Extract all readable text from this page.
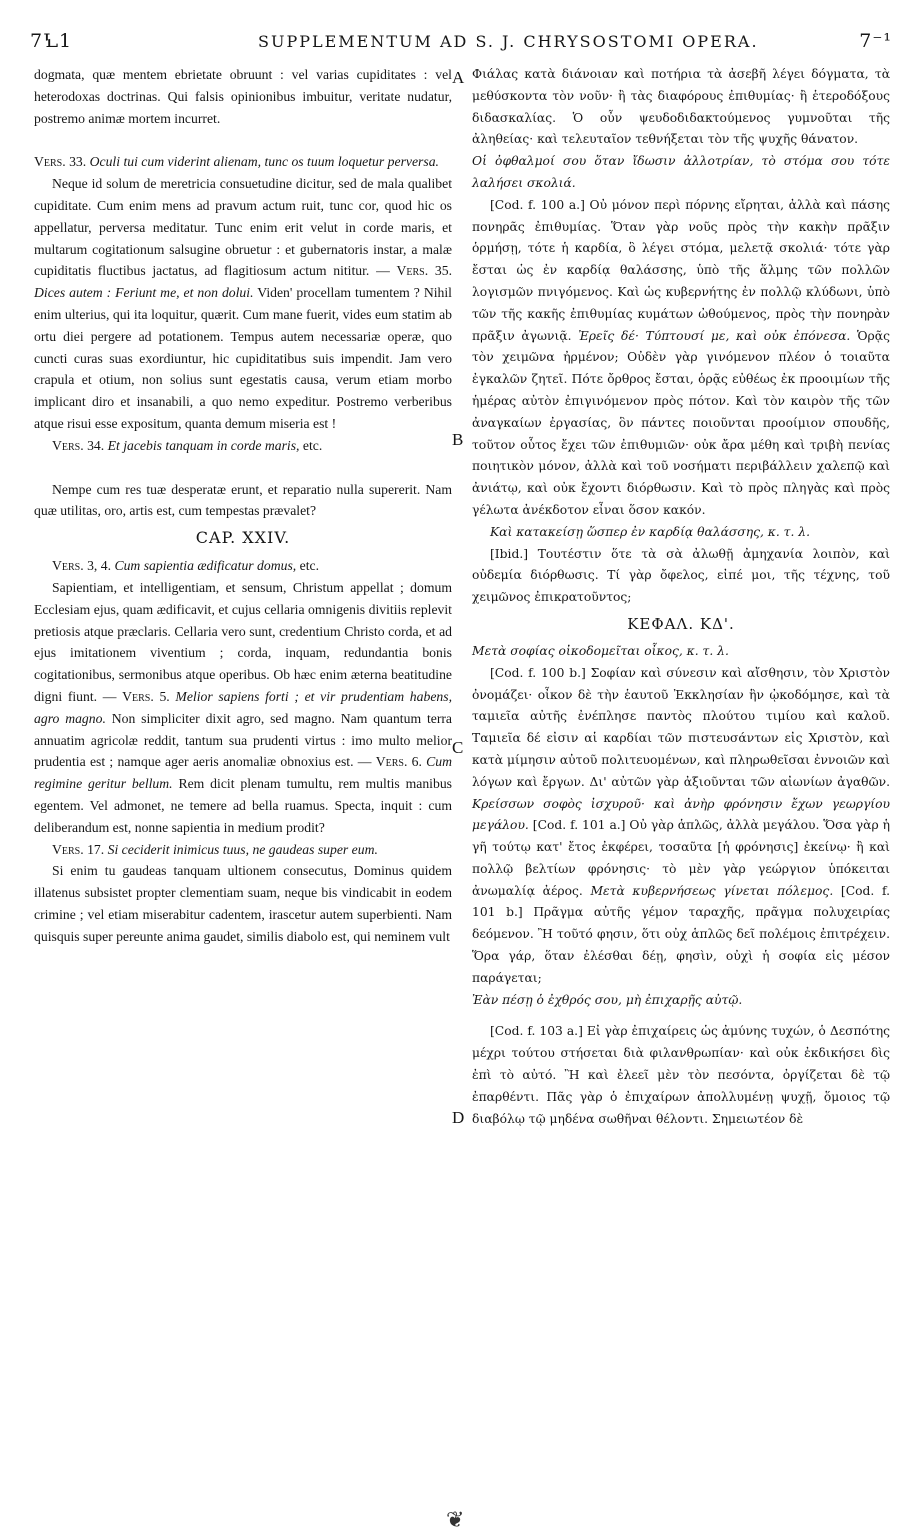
7Ꝇ1	SUPPLEMENTUM AD S. J. CHRYSOSTOMI OPERA.	7⁻¹

dogmata, quæ mentem ebrietate obruunt : vel varias cupiditates : vel heterodoxas doctrinas. Qui falsis opinionibus imbuitur, veritate nudatur, postremo animæ mortem incurret.

Vers. 33. Oculi tui cum viderint alienam, tunc os tuum loquetur perversa.

Neque id solum de meretricia consuetudine dicitur, sed de mala qualibet cupiditate. Cum enim mens ad pravum actum ruit, tunc cor, quod hic os appellatur, perversa meditatur. Tunc enim erit velut in corde maris, et multarum cogitationum salsugine obruetur : et gubernatoris instar, a malæ cupiditatis fluctibus jactatus, ad flagitiosum actum nititur. — Vers. 35. Dices autem : Feriunt me, et non dolui. Viden' procellam tumentem ? Nihil enim ulterius, qui ita loquitur, quærit. Cum mane fuerit, vides eum statim ab ortu diei pergere ad potationem. Tempus autem necessariæ operæ, quo cuncti curas suas exordiuntur, hic cupiditatibus suis impendit. Jam vero crapula et otium, non solius sunt egestatis causa, verum etiam morbo implicant diro et insanabili, a quo nemo expeditur. Postremo verberibus atque risui esse expositum, quanta demum miseria est !

Vers. 34. Et jacebis tanquam in corde maris, etc.

Nempe cum res tuæ desperatæ erunt, et reparatio nulla supererit. Nam quæ utilitas, oro, artis est, cum tempestas prævalet?

CAP. XXIV.

Vers. 3, 4. Cum sapientia ædificatur domus, etc.

Sapientiam, et intelligentiam, et sensum, Christum appellat ; domum Ecclesiam ejus, quam ædificavit, et cujus cellaria omnigenis divitiis replevit pretiosis atque præclaris. Cellaria vero sunt, credentium Christo corda, et ad ejus imitationem viventium ; corda, inquam, redundantia bonis cogitationibus, sermonibus atque operibus. Ob hæc enim æterna beatitudine digni fiunt. — Vers. 5. Melior sapiens forti ; et vir prudentiam habens, agro magno. Non simpliciter dixit agro, sed magno. Nam quantum terra annuatim agricolæ reddit, tantum sua prudenti virtus : imo multo melior prudentia est ; namque ager aeris anomaliæ obnoxius est. — Vers. 6. Cum regimine geritur bellum. Rem dicit plenam tumultu, rem multis manibus egentem. Vel admonet, ne temere ad bella ruamus. Specta, inquit : cum deliberandum est, nonne sapientia in medium prodit?

Vers. 17. Si ceciderit inimicus tuus, ne gaudeas super eum.

Si enim tu gaudeas tanquam ultionem consecutus, Dominus quidem illatenus subsistet propter clementiam suam, neque bis vindicabit in eodem crimine ; vel etiam miserabitur cadentem, irascetur autem superbienti. Nam quisquis super pereunte anima gaudet, similis diabolo est, qui neminem vult

Φιάλας κατὰ διάνοιαν καὶ ποτήρια τὰ ἀσεβῆ λέγει δόγματα, τὰ μεθύσκοντα τὸν νοῦν· ἢ τὰς διαφόρους ἐπιθυμίας· ἢ ἑτεροδόξους διδασκαλίας. Ὁ οὖν ψευδοδιδακτούμενος γυμνοῦται τῆς ἀληθείας· καὶ τελευταῖον τεθνήξεται τὸν τῆς ψυχῆς θάνατον.

Οἱ ὀφθαλμοί σου ὅταν ἴδωσιν ἀλλοτρίαν, τὸ στόμα σου τότε λαλήσει σκολιά.

[Cod. f. 100 a.] Οὐ μόνον περὶ πόρνης εἴρηται, ἀλλὰ καὶ πάσης πονηρᾶς ἐπιθυμίας. Ὅταν γὰρ νοῦς πρὸς τὴν κακὴν πρᾶξιν ὁρμήσῃ, τότε ἡ καρδία, ὃ λέγει στόμα, μελετᾷ σκολιά· τότε γὰρ ἔσται ὡς ἐν καρδίᾳ θαλάσσης, ὑπὸ τῆς ἅλμης τῶν πολλῶν λογισμῶν πνιγόμενος. Καὶ ὡς κυβερνήτης ἐν πολλῷ κλύδωνι, ὑπὸ τῶν τῆς κακῆς ἐπιθυμίας κυμάτων ὠθούμενος, πρὸς τὴν πονηρὰν πρᾶξιν ἀγωνιᾷ. Ἐρεῖς δέ· Τύπτουσί με, καὶ οὐκ ἐπόνεσα. Ὁρᾷς τὸν χειμῶνα ἠρμένον; Οὐδὲν γὰρ γινόμενον πλέον ὁ τοιαῦτα ἐγκαλῶν ζητεῖ. Πότε ὄρθρος ἔσται, ὁρᾷς εὐθέως ἐκ προοιμίων τῆς ἡμέρας αὐτὸν ἐπιγινόμενον πρὸς πότον. Καὶ τὸν καιρὸν τῆς τῶν ἀναγκαίων ἐργασίας, ὃν πάντες ποιοῦνται προοίμιον σπουδῆς, τοῦτον οὗτος ἔχει τῶν ἐπιθυμιῶν· οὐκ ἄρα μέθη καὶ τριβὴ πενίας ποιητικὸν μόνον, ἀλλὰ καὶ τοῦ νοσήματι περιβάλλειν χαλεπῷ καὶ ἀνιάτῳ, καὶ οὐκ ἔχοντι διόρθωσιν. Καὶ τὸ πρὸς πληγὰς καὶ πρὸς γέλωτα ἀνέκδοτον εἶναι ὅσον κακόν.

Καὶ κατακείσῃ ὥσπερ ἐν καρδίᾳ θαλάσσης, κ. τ. λ.

[Ibid.] Τουτέστιν ὅτε τὰ σὰ ἀλωθῇ ἀμηχανία λοιπὸν, καὶ οὐδεμία διόρθωσις. Τί γὰρ ὄφελος, εἰπέ μοι, τῆς τέχνης, τοῦ χειμῶνος ἐπικρατοῦντος;

ΚΕΦΑΛ. ΚΔ'.

Μετὰ σοφίας οἰκοδομεῖται οἶκος, κ. τ. λ.

[Cod. f. 100 b.] Σοφίαν καὶ σύνεσιν καὶ αἴσθησιν, τὸν Χριστὸν ὀνομάζει· οἶκον δὲ τὴν ἑαυτοῦ Ἐκκλησίαν ἣν ᾠκοδόμησε, καὶ τὰ ταμιεῖα αὐτῆς ἐνέπλησε παντὸς πλούτου τιμίου καὶ καλοῦ. Ταμιεῖα δέ εἰσιν αἱ καρδίαι τῶν πιστευσάντων εἰς Χριστὸν, καὶ κατὰ μίμησιν αὐτοῦ πολιτευομένων, καὶ πληρωθεῖσαι ἐννοιῶν καὶ λόγων καὶ ἔργων. Δι' αὐτῶν γὰρ ἀξιοῦνται τῶν αἰωνίων ἀγαθῶν. Κρείσσων σοφὸς ἰσχυροῦ· καὶ ἀνὴρ φρόνησιν ἔχων γεωργίου μεγάλου. [Cod. f. 101 a.] Οὐ γὰρ ἁπλῶς, ἀλλὰ μεγάλου. Ὅσα γὰρ ἡ γῆ τούτῳ κατ' ἔτος ἐκφέρει, τοσαῦτα [ἡ φρόνησις] ἐκείνῳ· ἢ καὶ πολλῷ βελτίων φρόνησις· τὸ μὲν γὰρ γεώργιον ὑπόκειται ἀνωμαλίᾳ ἀέρος. Μετὰ κυβερνήσεως γίνεται πόλεμος. [Cod. f. 101 b.] Πρᾶγμα αὐτῆς γέμον ταραχῆς, πρᾶγμα πολυχειρίας δεόμενον. Ἢ τοῦτό φησιν, ὅτι οὐχ ἁπλῶς δεῖ πολέμοις ἐπιτρέχειν. Ὅρα γάρ, ὅταν ἐλέσθαι δέῃ, φησὶν, οὐχὶ ἡ σοφία εἰς μέσον παράγεται;

Ἐὰν πέσῃ ὁ ἐχθρός σου, μὴ ἐπιχαρῇς αὐτῷ.

[Cod. f. 103 a.] Εἰ γὰρ ἐπιχαίρεις ὡς ἀμύνης τυχών, ὁ Δεσπότης μέχρι τούτου στήσεται διὰ φιλανθρωπίαν· καὶ οὐκ ἐκδικήσει δὶς ἐπὶ τὸ αὐτό. Ἢ καὶ ἐλεεῖ μὲν τὸν πεσόντα, ὀργίζεται δὲ τῷ ἐπαρθέντι. Πᾶς γὰρ ὁ ἐπιχαίρων ἀπολλυμένῃ ψυχῇ, ὅμοιος τῷ διαβόλῳ τῷ μηδένα σωθῆναι θέλοντι. Σημειωτέον δὲ

A
B
C
D
❦
